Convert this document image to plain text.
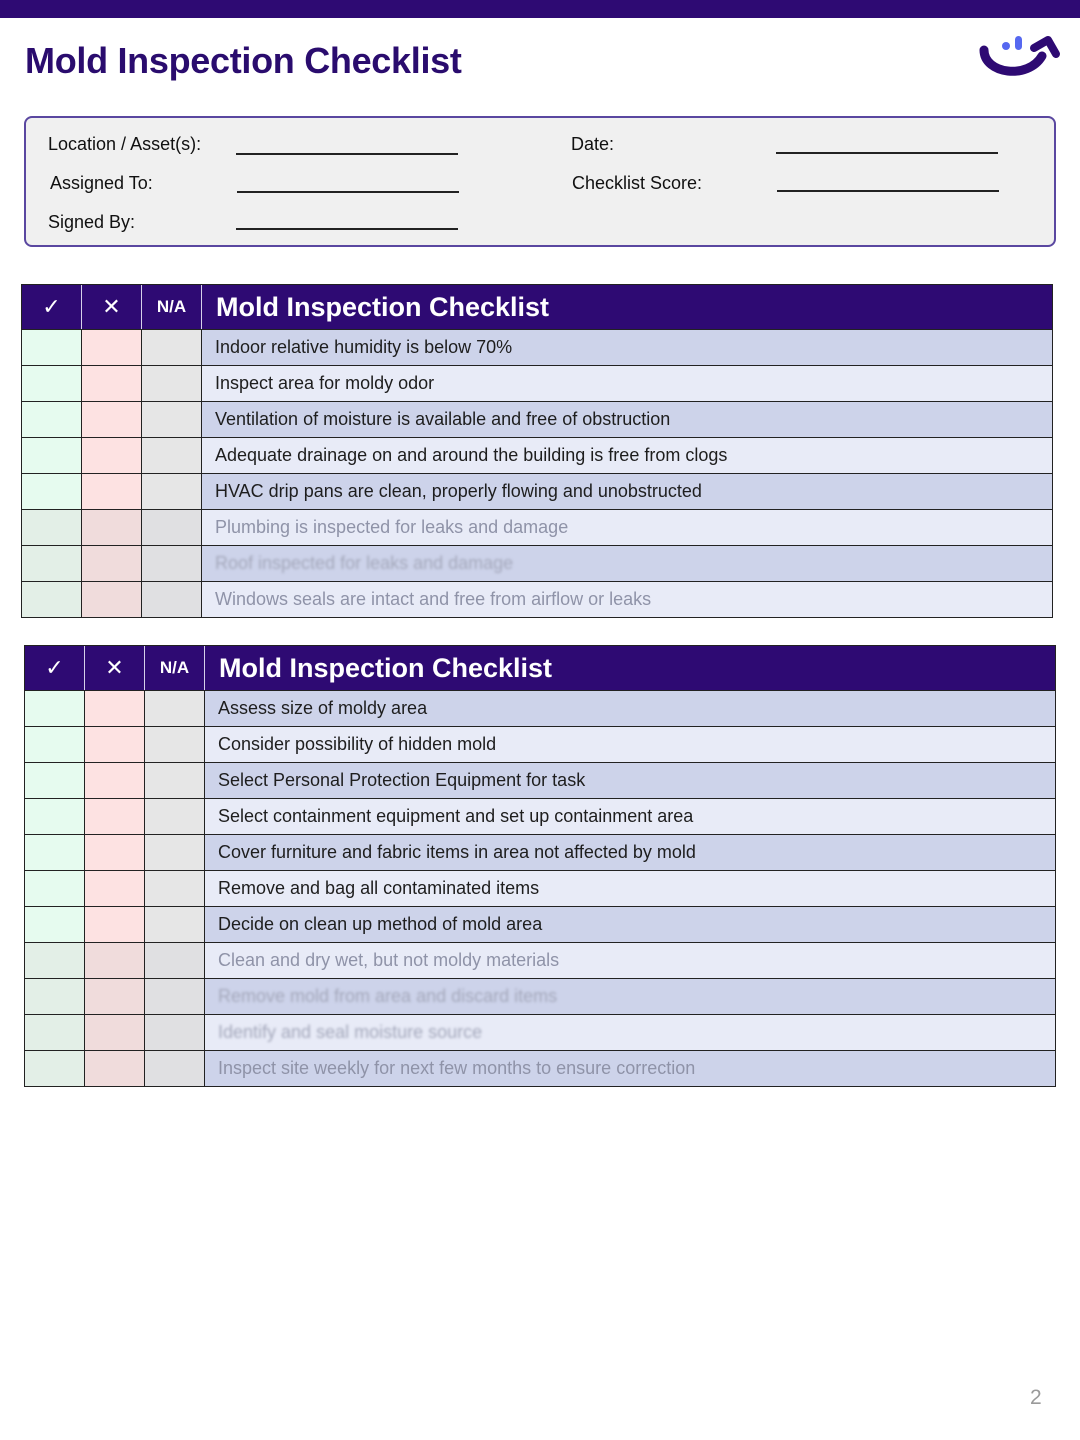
Mold Inspection Checklist
Location / Asset(s):
Assigned To:
Signed By:
Date:
Checklist Score:
✓	✕	N/A	Mold Inspection Checklist
Indoor relative humidity is below 70%
Inspect area for moldy odor
Ventilation of moisture is available and free of obstruction
Adequate drainage on and around the building is free from clogs
HVAC drip pans are clean, properly flowing and unobstructed
Plumbing is inspected for leaks and damage
Roof inspected for leaks and damage
Windows seals are intact and free from airflow or leaks
✓	✕	N/A	Mold Inspection Checklist
Assess size of moldy area
Consider possibility of hidden mold
Select Personal Protection Equipment for task
Select containment equipment and set up containment area
Cover furniture and fabric items in area not affected by mold
Remove and bag all contaminated items
Decide on clean up method of mold area
Clean and dry wet, but not moldy materials
Remove mold from area and discard items
Identify and seal moisture source
Inspect site weekly for next few months to ensure correction
2
